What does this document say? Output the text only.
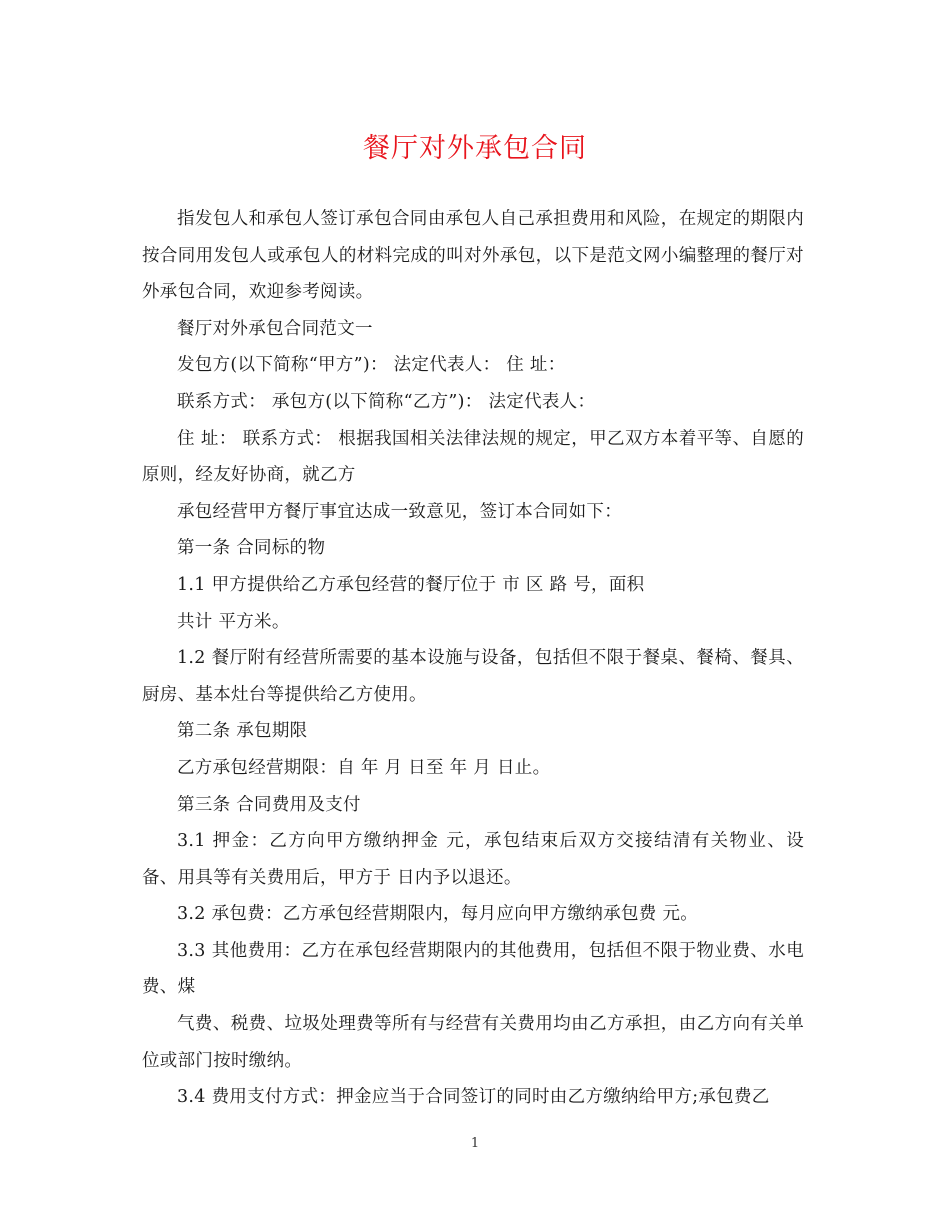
餐厅对外承包合同

指发包人和承包人签订承包合同由承包人自己承担费用和风险，在规定的期限内按合同用发包人或承包人的材料完成的叫对外承包，以下是范文网小编整理的餐厅对外承包合同，欢迎参考阅读。

餐厅对外承包合同范文一

发包方(以下简称“甲方”)： 法定代表人： 住 址：

联系方式： 承包方(以下简称“乙方”)： 法定代表人：

住 址： 联系方式： 根据我国相关法律法规的规定，甲乙双方本着平等、自愿的原则，经友好协商，就乙方

承包经营甲方餐厅事宜达成一致意见，签订本合同如下：

第一条 合同标的物

1.1 甲方提供给乙方承包经营的餐厅位于 市 区 路 号，面积

共计 平方米。

1.2 餐厅附有经营所需要的基本设施与设备，包括但不限于餐桌、餐椅、餐具、厨房、基本灶台等提供给乙方使用。

第二条 承包期限

乙方承包经营期限：自 年 月 日至 年 月 日止。

第三条 合同费用及支付

3.1 押金：乙方向甲方缴纳押金 元，承包结束后双方交接结清有关物业、设备、用具等有关费用后，甲方于 日内予以退还。

3.2 承包费：乙方承包经营期限内，每月应向甲方缴纳承包费 元。

3.3 其他费用：乙方在承包经营期限内的其他费用，包括但不限于物业费、水电费、煤

气费、税费、垃圾处理费等所有与经营有关费用均由乙方承担，由乙方向有关单位或部门按时缴纳。

3.4 费用支付方式：押金应当于合同签订的同时由乙方缴纳给甲方;承包费乙

1
